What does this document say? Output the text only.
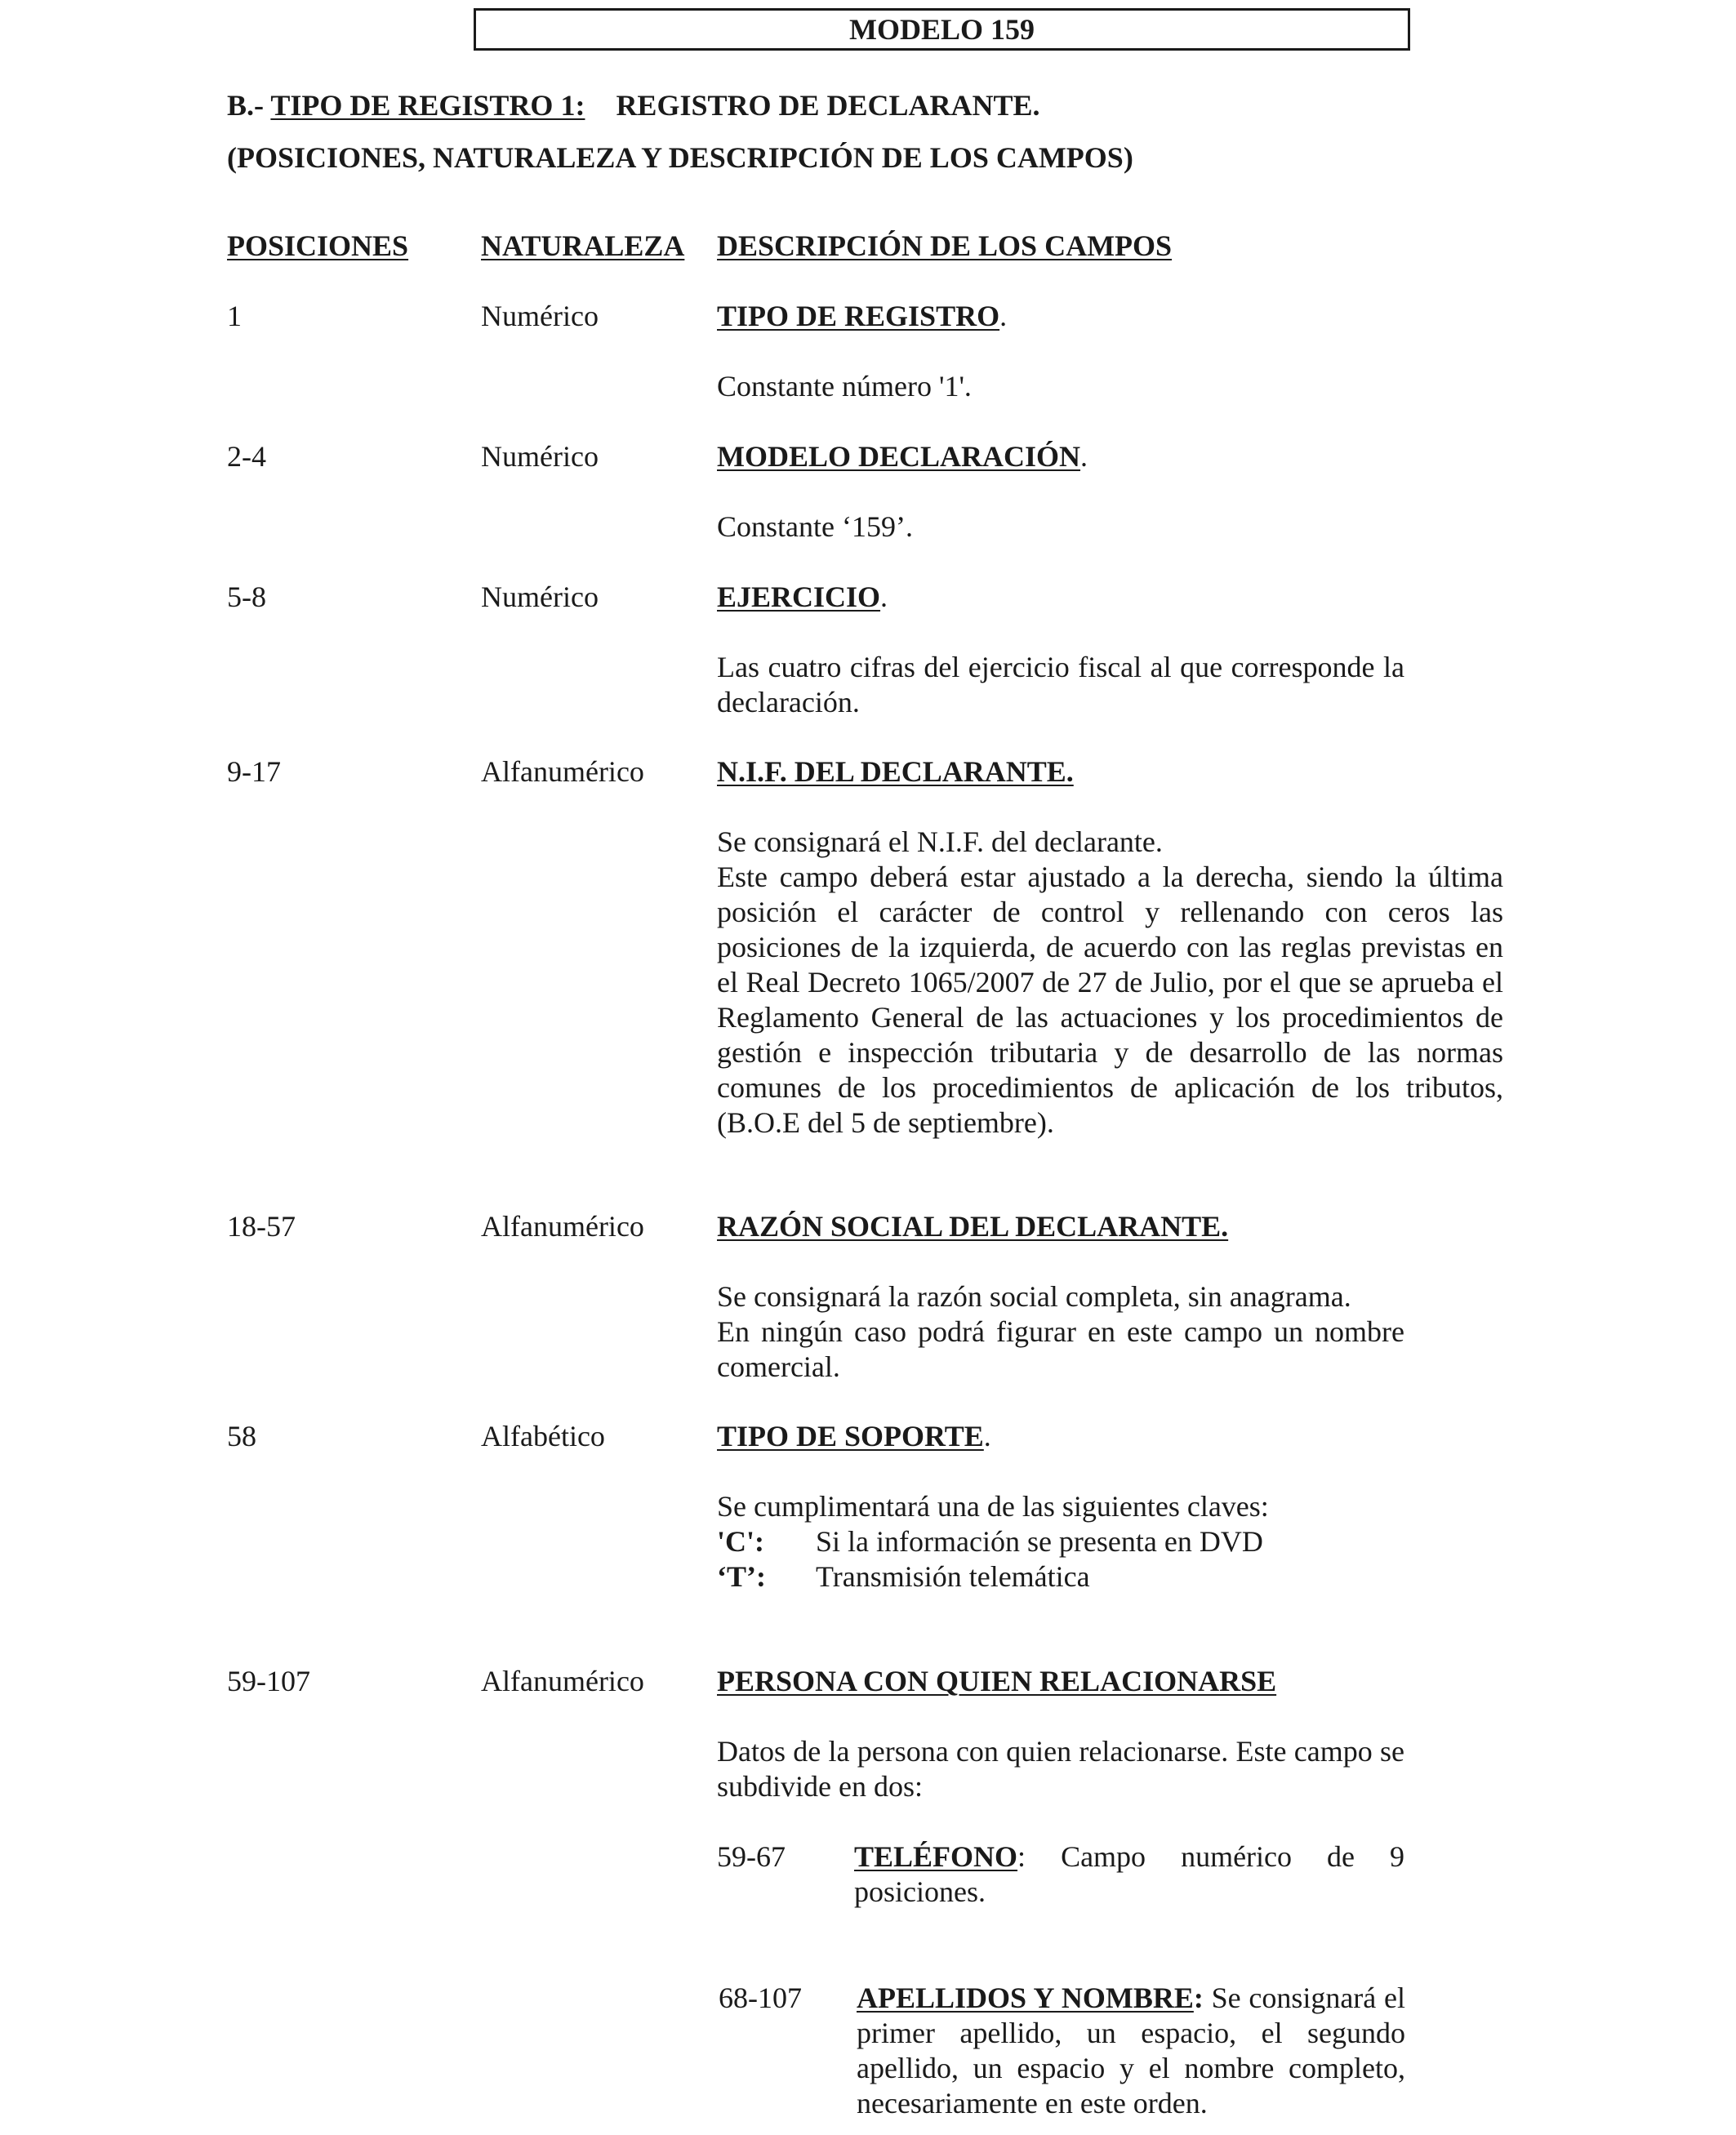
MODELO 159
B.- TIPO DE REGISTRO 1: REGISTRO DE DECLARANTE.
(POSICIONES, NATURALEZA Y DESCRIPCIÓN DE LOS CAMPOS)
POSICIONES NATURALEZA DESCRIPCIÓN DE LOS CAMPOS
1	Numérico	TIPO DE REGISTRO.
Constante número '1'.
2-4	Numérico	MODELO DECLARACIÓN.
Constante ‘159’.
5-8	Numérico	EJERCICIO.
Las cuatro cifras del ejercicio fiscal al que corresponde la declaración.
9-17	Alfanumérico N.I.F. DEL DECLARANTE.
Se consignará el N.I.F. del declarante.
Este campo deberá estar ajustado a la derecha, siendo la última posición el carácter de control y rellenando con ceros las posiciones de la izquierda, de acuerdo con las reglas previstas en el Real Decreto 1065/2007 de 27 de Julio, por el que se aprueba el Reglamento General de las actuaciones y los procedimientos de gestión e inspección tributaria y de desarrollo de las normas comunes de los procedimientos de aplicación de los tributos, (B.O.E del 5 de septiembre).
18-57	Alfanumérico RAZÓN SOCIAL DEL DECLARANTE.
Se consignará la razón social completa, sin anagrama.
En ningún caso podrá figurar en este campo un nombre comercial.
58	Alfabético	TIPO DE SOPORTE.
Se cumplimentará una de las siguientes claves:
'C': Si la información se presenta en DVD
‘T’: Transmisión telemática
59-107	Alfanumérico PERSONA CON QUIEN RELACIONARSE
Datos de la persona con quien relacionarse. Este campo se subdivide en dos:
59-67 TELÉFONO: Campo numérico de 9 posiciones.
68-107 APELLIDOS Y NOMBRE: Se consignará el primer apellido, un espacio, el segundo apellido, un espacio y el nombre completo, necesariamente en este orden.
